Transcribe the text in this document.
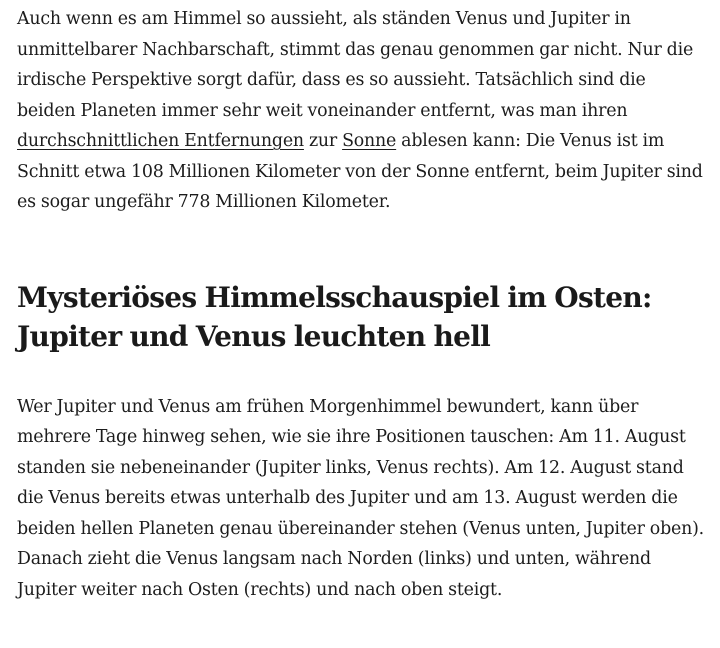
Auch wenn es am Himmel so aussieht, als ständen Venus und Jupiter in unmittelbarer Nachbarschaft, stimmt das genau genommen gar nicht. Nur die irdische Perspektive sorgt dafür, dass es so aussieht. Tatsächlich sind die beiden Planeten immer sehr weit voneinander entfernt, was man ihren durchschnittlichen Entfernungen zur Sonne ablesen kann: Die Venus ist im Schnitt etwa 108 Millionen Kilometer von der Sonne entfernt, beim Jupiter sind es sogar ungefähr 778 Millionen Kilometer.

Mysteriöses Himmelsschauspiel im Osten: Jupiter und Venus leuchten hell

Wer Jupiter und Venus am frühen Morgenhimmel bewundert, kann über mehrere Tage hinweg sehen, wie sie ihre Positionen tauschen: Am 11. August standen sie nebeneinander (Jupiter links, Venus rechts). Am 12. August stand die Venus bereits etwas unterhalb des Jupiter und am 13. August werden die beiden hellen Planeten genau übereinander stehen (Venus unten, Jupiter oben). Danach zieht die Venus langsam nach Norden (links) und unten, während Jupiter weiter nach Osten (rechts) und nach oben steigt.
